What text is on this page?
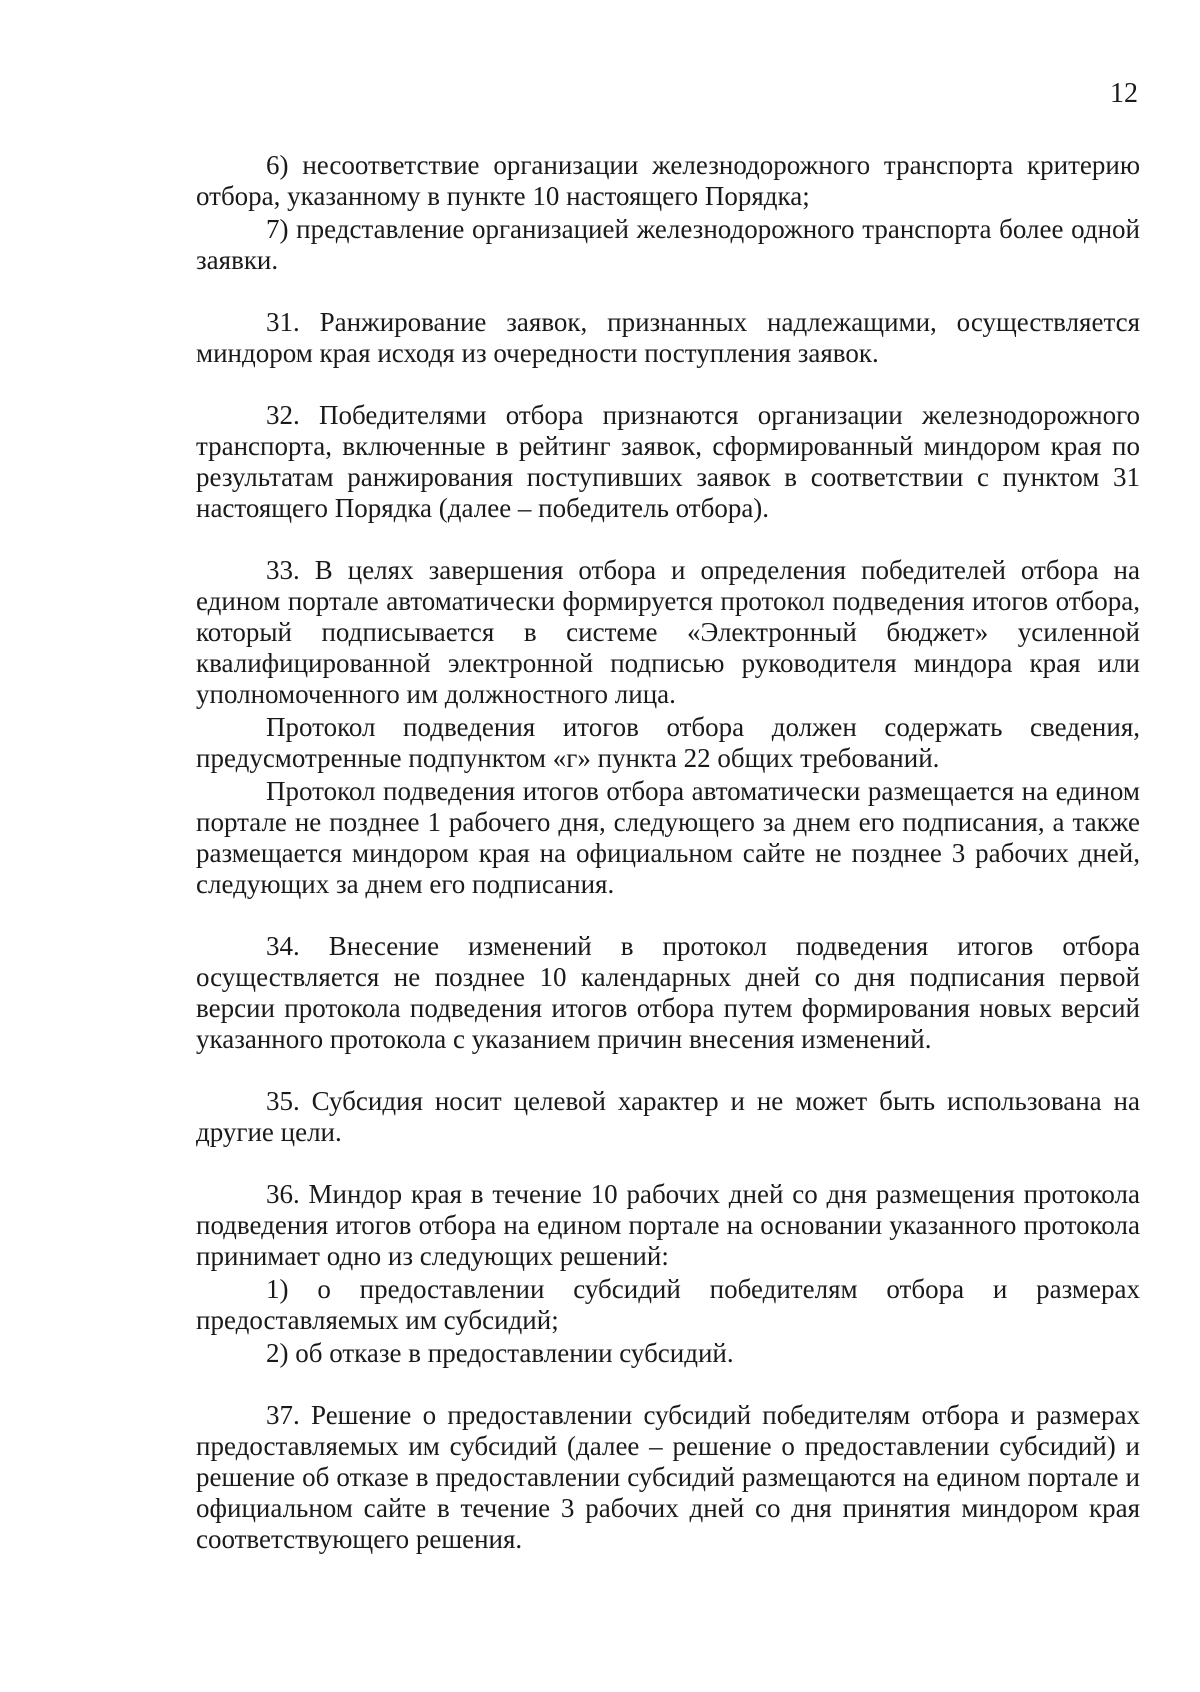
12

6) несоответствие организации железнодорожного транспорта критерию отбора, указанному в пункте 10 настоящего Порядка;

7) представление организацией железнодорожного транспорта более одной заявки.

31. Ранжирование заявок, признанных надлежащими, осуществляется миндором края исходя из очередности поступления заявок.

32. Победителями отбора признаются организации железнодорожного транспорта, включенные в рейтинг заявок, сформированный миндором края по результатам ранжирования поступивших заявок в соответствии с пунктом 31 настоящего Порядка (далее – победитель отбора).

33. В целях завершения отбора и определения победителей отбора на едином портале автоматически формируется протокол подведения итогов отбора, который подписывается в системе «Электронный бюджет» усиленной квалифицированной электронной подписью руководителя миндора края или уполномоченного им должностного лица.

Протокол подведения итогов отбора должен содержать сведения, предусмотренные подпунктом «г» пункта 22 общих требований.

Протокол подведения итогов отбора автоматически размещается на едином портале не позднее 1 рабочего дня, следующего за днем его подписания, а также размещается миндором края на официальном сайте не позднее 3 рабочих дней, следующих за днем его подписания.

34. Внесение изменений в протокол подведения итогов отбора осуществляется не позднее 10 календарных дней со дня подписания первой версии протокола подведения итогов отбора путем формирования новых версий указанного протокола с указанием причин внесения изменений.

35. Субсидия носит целевой характер и не может быть использована на другие цели.

36. Миндор края в течение 10 рабочих дней со дня размещения протокола подведения итогов отбора на едином портале на основании указанного протокола принимает одно из следующих решений:

1) о предоставлении субсидий победителям отбора и размерах предоставляемых им субсидий;

2) об отказе в предоставлении субсидий.

37. Решение о предоставлении субсидий победителям отбора и размерах предоставляемых им субсидий (далее – решение о предоставлении субсидий) и решение об отказе в предоставлении субсидий размещаются на едином портале и официальном сайте в течение 3 рабочих дней со дня принятия миндором края соответствующего решения.
